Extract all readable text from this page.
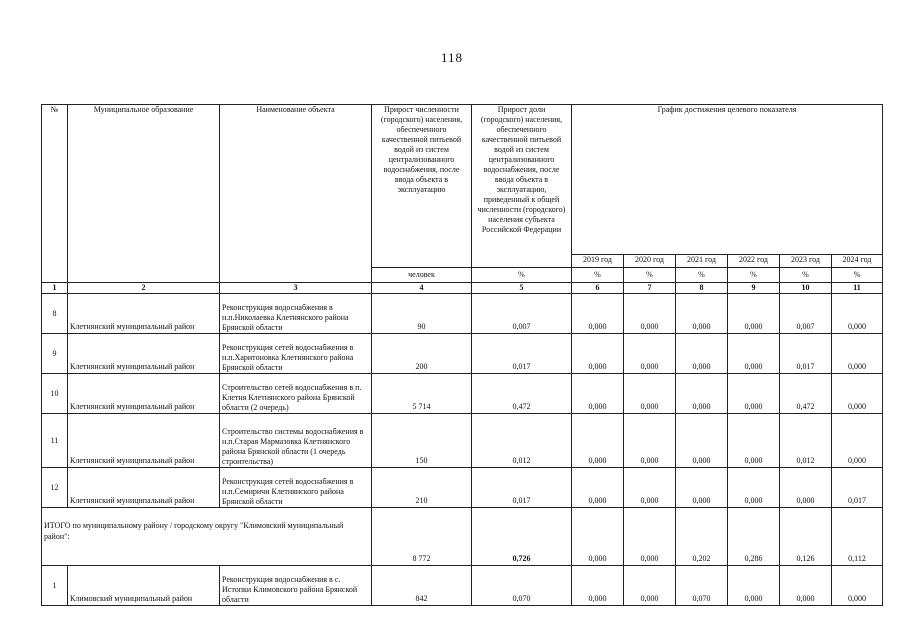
118
№	Муниципальное образование	Наименование объекта	Прирост численности (городского) населения, обеспеченного качественной питьевой водой из систем централизованного водоснабжения, после ввода объекта в эксплуатацию	Прирост доли (городского) населения, обеспеченного качественной питьевой водой из систем централизованного водоснабжения, после ввода объекта в эксплуатацию, приведенный к общей численности (городского) населения субъекта Российской Федерации	График достижения целевого показателя					
					2019 год	2020 год	2021 год	2022 год	2023 год	2024 год
			человек	%	%	%	%	%	%	%
1	2	3	4	5	6	7	8	9	10	11
8	Клетнянский муниципальный район	Реконструкция водоснабжения в н.п.Николаевка Клетнянского района Брянской области	90	0,007	0,000	0,000	0,000	0,000	0,007	0,000
9	Клетнянский муниципальный район	Реконструкция сетей водоснабжения в н.п.Харитоновка Клетнянского района Брянской области	200	0,017	0,000	0,000	0,000	0,000	0,017	0,000
10	Клетнянский муниципальный район	Строительство сетей водоснабжения в п. Клетня Клетнянского района Брянской области (2 очередь)	5 714	0,472	0,000	0,000	0,000	0,000	0,472	0,000
11	Клетнянский муниципальный район	Строительство системы водоснабжения в н.п.Старая Мармазовка Клетнянского района Брянской области (1 очередь строительства)	150	0,012	0,000	0,000	0,000	0,000	0,012	0,000
12	Клетнянский муниципальный район	Реконструкция сетей водоснабжения в н.п.Семиричи Клетнянского района Брянской области	210	0,017	0,000	0,000	0,000	0,000	0,000	0,017
ИТОГО по муниципальному району / городскому округу "Климовский муниципальный район":			8 772	0,726	0,000	0,000	0,202	0,286	0,126	0,112
1	Климовский муниципальный район	Реконструкция водоснабжения в с. Истопки Климовского района Брянской области	842	0,070	0,000	0,000	0,070	0,000	0,000	0,000
